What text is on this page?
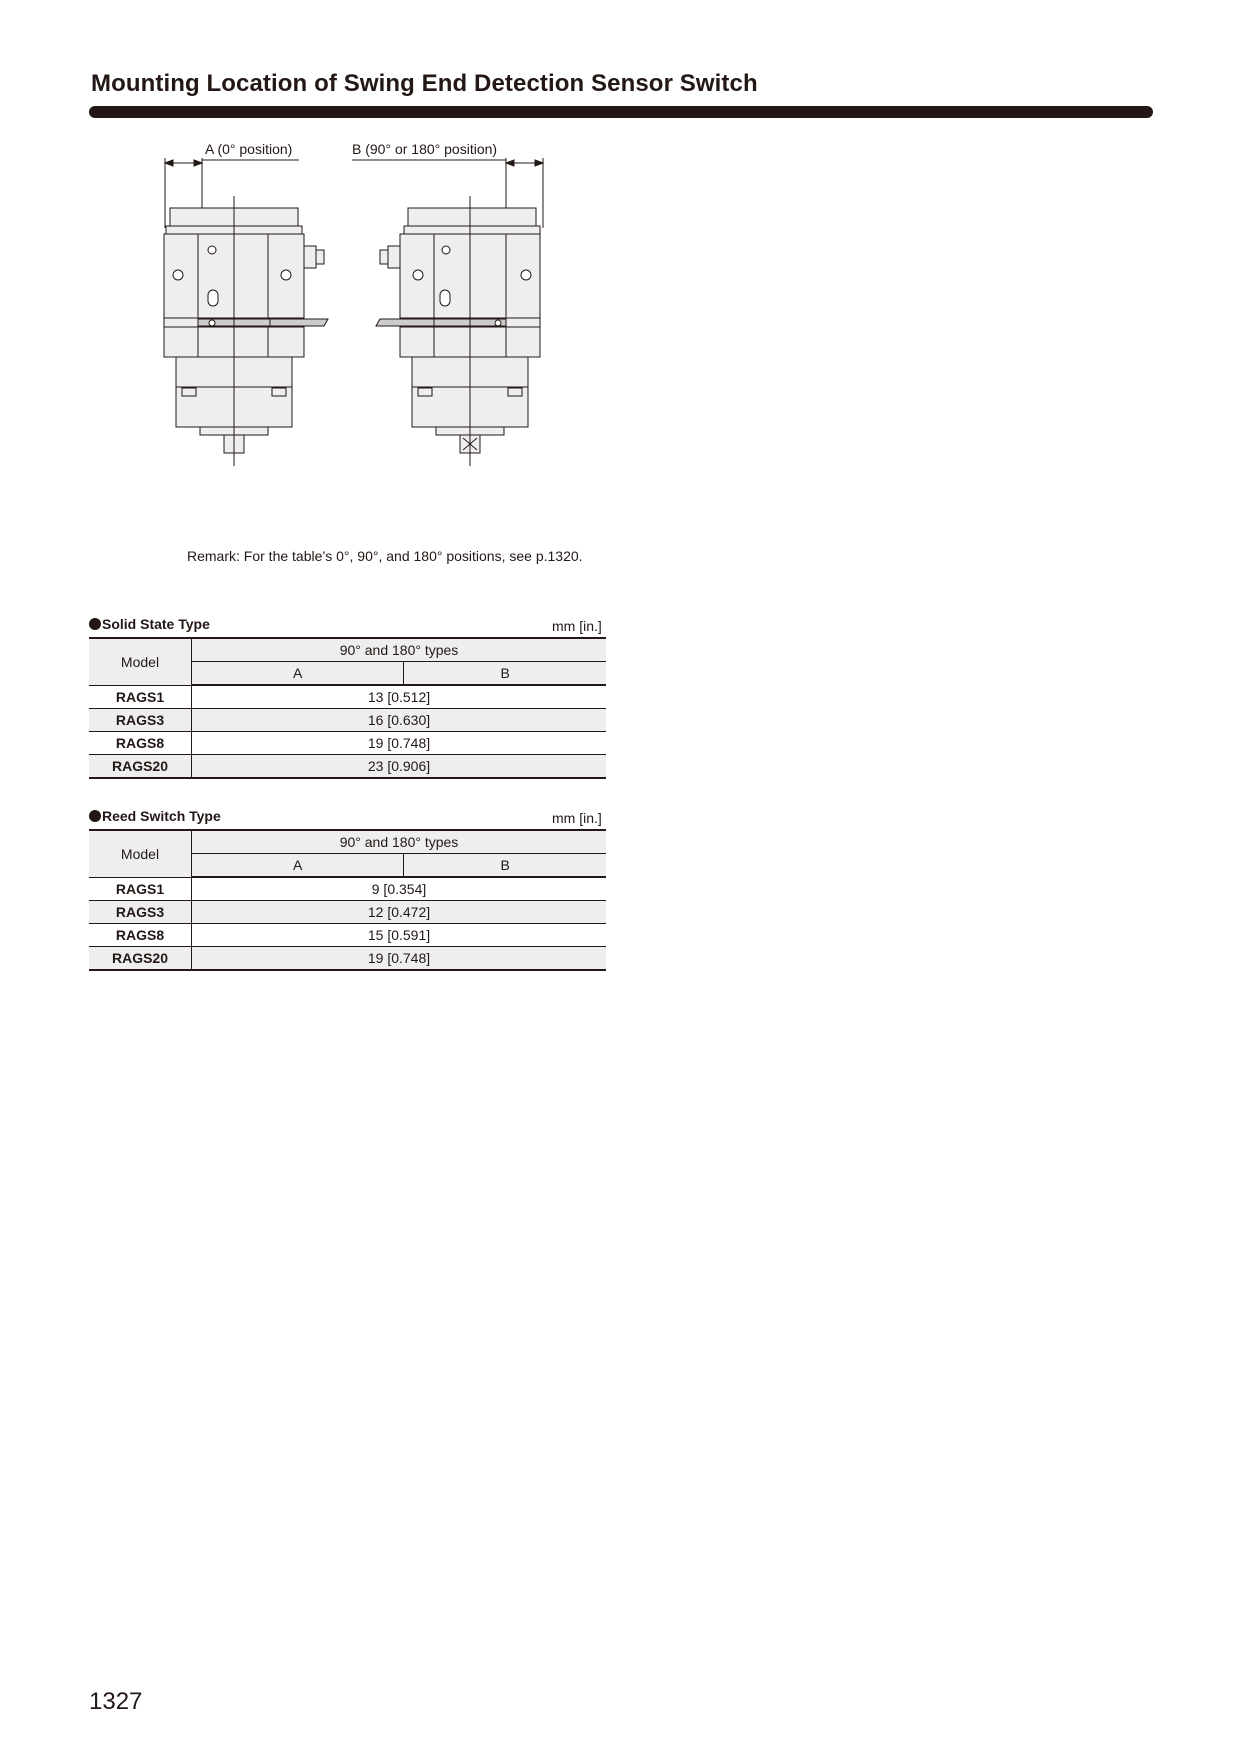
Mounting Location of Swing End Detection Sensor Switch
A (0° position)	B (90° or 180° position)
Remark: For the table’s 0°, 90°, and 180° positions, see p.1320.
Solid State Type	mm [in.]
Model	90° and 180° types	
	A	B
RAGS1	13 [0.512]	
RAGS3	16 [0.630]	
RAGS8	19 [0.748]	
RAGS20	23 [0.906]	
Reed Switch Type	mm [in.]
Model	90° and 180° types	
	A	B
RAGS1	9 [0.354]	
RAGS3	12 [0.472]	
RAGS8	15 [0.591]	
RAGS20	19 [0.748]	
1327
